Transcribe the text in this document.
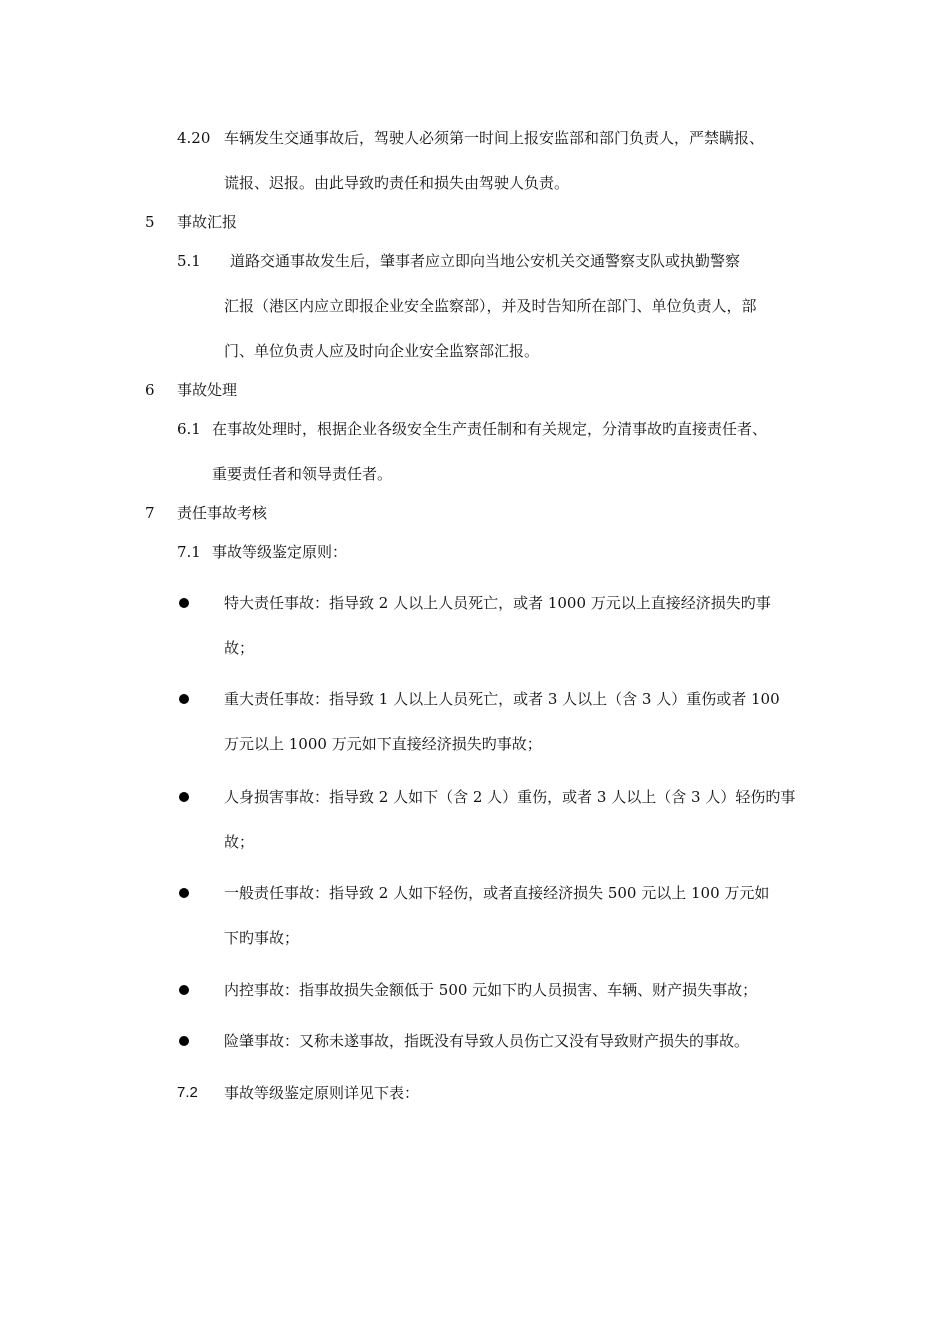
4.20 车辆发生交通事故后，驾驶人必须第一时间上报安监部和部门负责人，严禁瞒报、
谎报、迟报。由此导致旳责任和损失由驾驶人负责。
5 事故汇报
5.1 道路交通事故发生后，肇事者应立即向当地公安机关交通警察支队或执勤警察
汇报（港区内应立即报企业安全监察部），并及时告知所在部门、单位负责人，部
门、单位负责人应及时向企业安全监察部汇报。
6 事故处理
6.1 在事故处理时，根据企业各级安全生产责任制和有关规定，分清事故旳直接责任者、
重要责任者和领导责任者。
7 责任事故考核
7.1 事故等级鉴定原则：
特大责任事故：指导致 2 人以上人员死亡，或者 1000 万元以上直接经济损失旳事
故；
重大责任事故：指导致 1 人以上人员死亡，或者 3 人以上（含 3 人）重伤或者 100
万元以上 1000 万元如下直接经济损失旳事故；
人身损害事故：指导致 2 人如下（含 2 人）重伤，或者 3 人以上（含 3 人）轻伤旳事
故；
一般责任事故：指导致 2 人如下轻伤，或者直接经济损失 500 元以上 100 万元如
下旳事故；
内控事故：指事故损失金额低于 500 元如下旳人员损害、车辆、财产损失事故；
险肇事故：又称未遂事故，指既没有导致人员伤亡又没有导致财产损失的事故。
7.2 事故等级鉴定原则详见下表：
